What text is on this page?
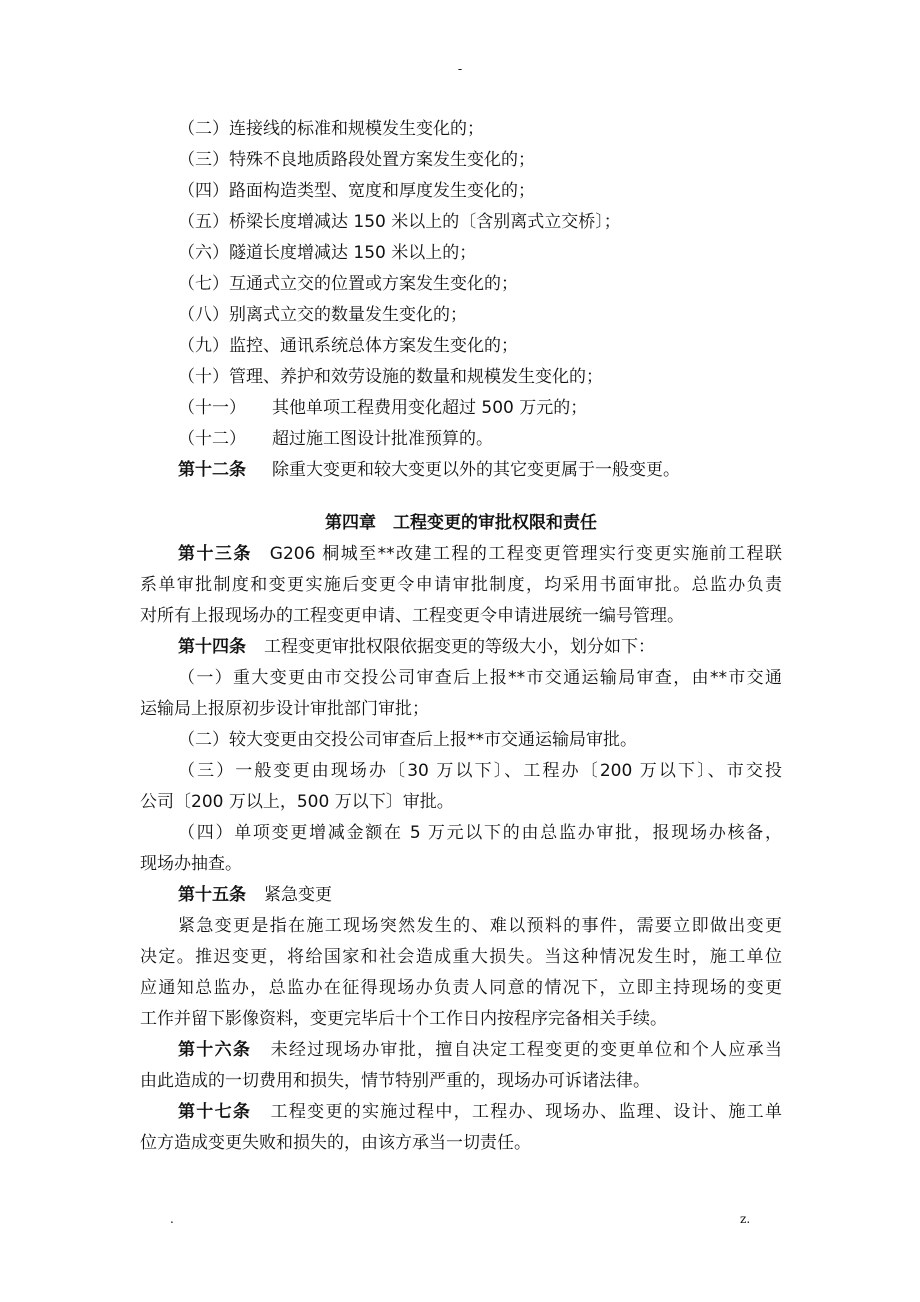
-
（二）连接线的标准和规模发生变化的；
（三）特殊不良地质路段处置方案发生变化的；
（四）路面构造类型、宽度和厚度发生变化的；
（五）桥梁长度增减达 150 米以上的〔含别离式立交桥〕；
（六）隧道长度增减达 150 米以上的；
（七）互通式立交的位置或方案发生变化的；
（八）别离式立交的数量发生变化的；
（九）监控、通讯系统总体方案发生变化的；
（十）管理、养护和效劳设施的数量和规模发生变化的；
（十一） 其他单项工程费用变化超过 500 万元的；
（十二） 超过施工图设计批准预算的。
第十二条 除重大变更和较大变更以外的其它变更属于一般变更。
第四章　工程变更的审批权限和责任
第十三条 G206 桐城至**改建工程的工程变更管理实行变更实施前工程联
系单审批制度和变更实施后变更令申请审批制度，均采用书面审批。总监办负责
对所有上报现场办的工程变更申请、工程变更令申请进展统一编号管理。
第十四条 工程变更审批权限依据变更的等级大小，划分如下：
（一）重大变更由市交投公司审查后上报**市交通运输局审查，由**市交通
运输局上报原初步设计审批部门审批；
（二）较大变更由交投公司审查后上报**市交通运输局审批。
（三）一般变更由现场办〔30 万以下〕、工程办〔200 万以下〕、市交投
公司〔200 万以上，500 万以下〕审批。
（四）单项变更增减金额在 5 万元以下的由总监办审批，报现场办核备，
现场办抽查。
第十五条 紧急变更
紧急变更是指在施工现场突然发生的、难以预料的事件，需要立即做出变更
决定。推迟变更，将给国家和社会造成重大损失。当这种情况发生时，施工单位
应通知总监办，总监办在征得现场办负责人同意的情况下，立即主持现场的变更
工作并留下影像资料，变更完毕后十个工作日内按程序完备相关手续。
第十六条 未经过现场办审批，擅自决定工程变更的变更单位和个人应承当
由此造成的一切费用和损失，情节特别严重的，现场办可诉诸法律。
第十七条 工程变更的实施过程中，工程办、现场办、监理、设计、施工单
位方造成变更失败和损失的，由该方承当一切责任。
.	z.
